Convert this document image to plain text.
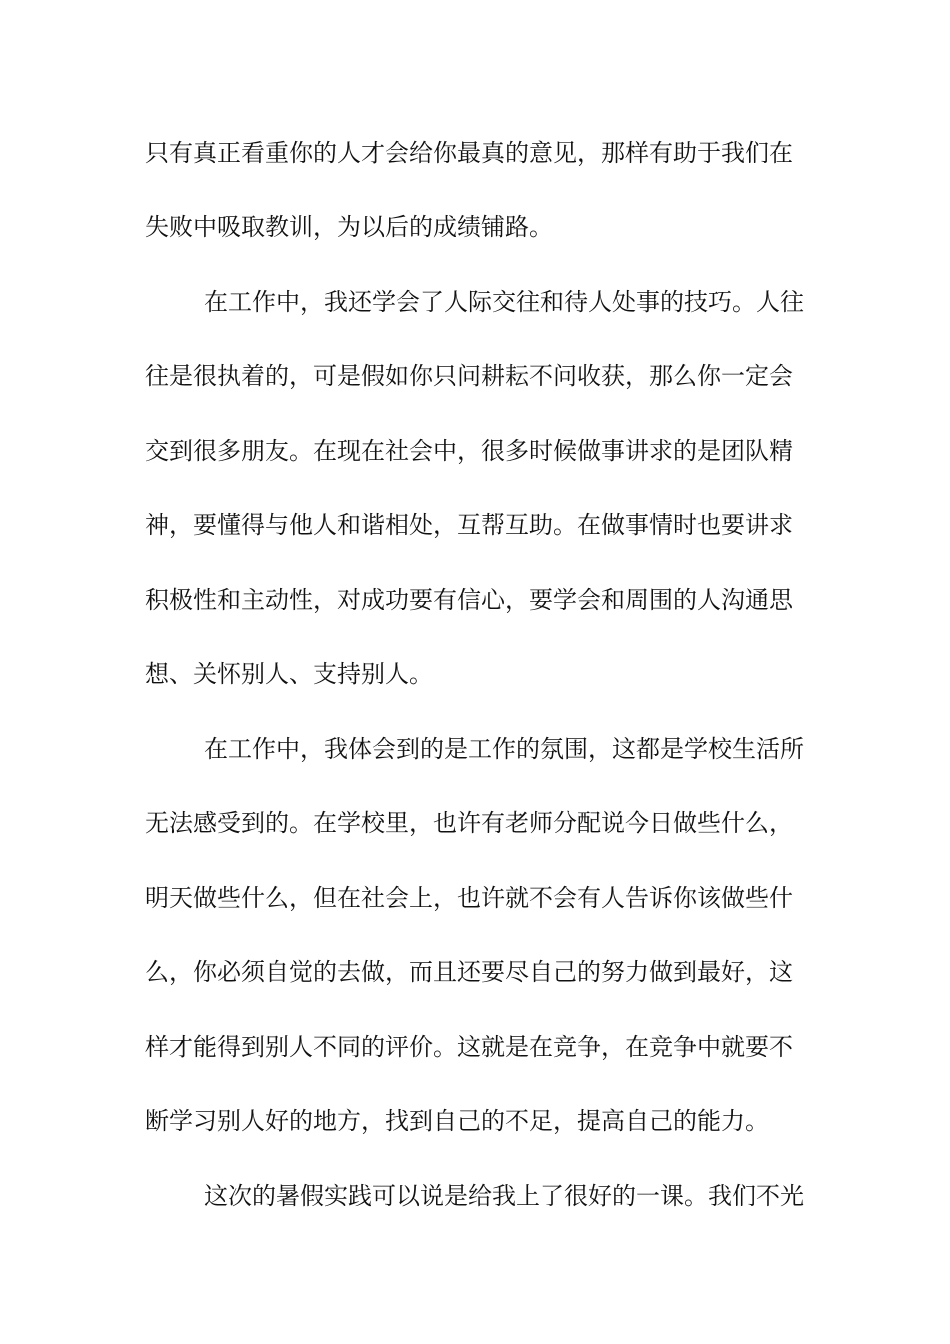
只有真正看重你的人才会给你最真的意见，那样有助于我们在
失败中吸取教训，为以后的成绩铺路。
在工作中，我还学会了人际交往和待人处事的技巧。人往
往是很执着的，可是假如你只问耕耘不问收获，那么你一定会
交到很多朋友。在现在社会中，很多时候做事讲求的是团队精
神，要懂得与他人和谐相处，互帮互助。在做事情时也要讲求
积极性和主动性，对成功要有信心，要学会和周围的人沟通思
想、关怀别人、支持别人。
在工作中，我体会到的是工作的氛围，这都是学校生活所
无法感受到的。在学校里，也许有老师分配说今日做些什么，
明天做些什么，但在社会上，也许就不会有人告诉你该做些什
么，你必须自觉的去做，而且还要尽自己的努力做到最好，这
样才能得到别人不同的评价。这就是在竞争，在竞争中就要不
断学习别人好的地方，找到自己的不足，提高自己的能力。
这次的暑假实践可以说是给我上了很好的一课。我们不光
